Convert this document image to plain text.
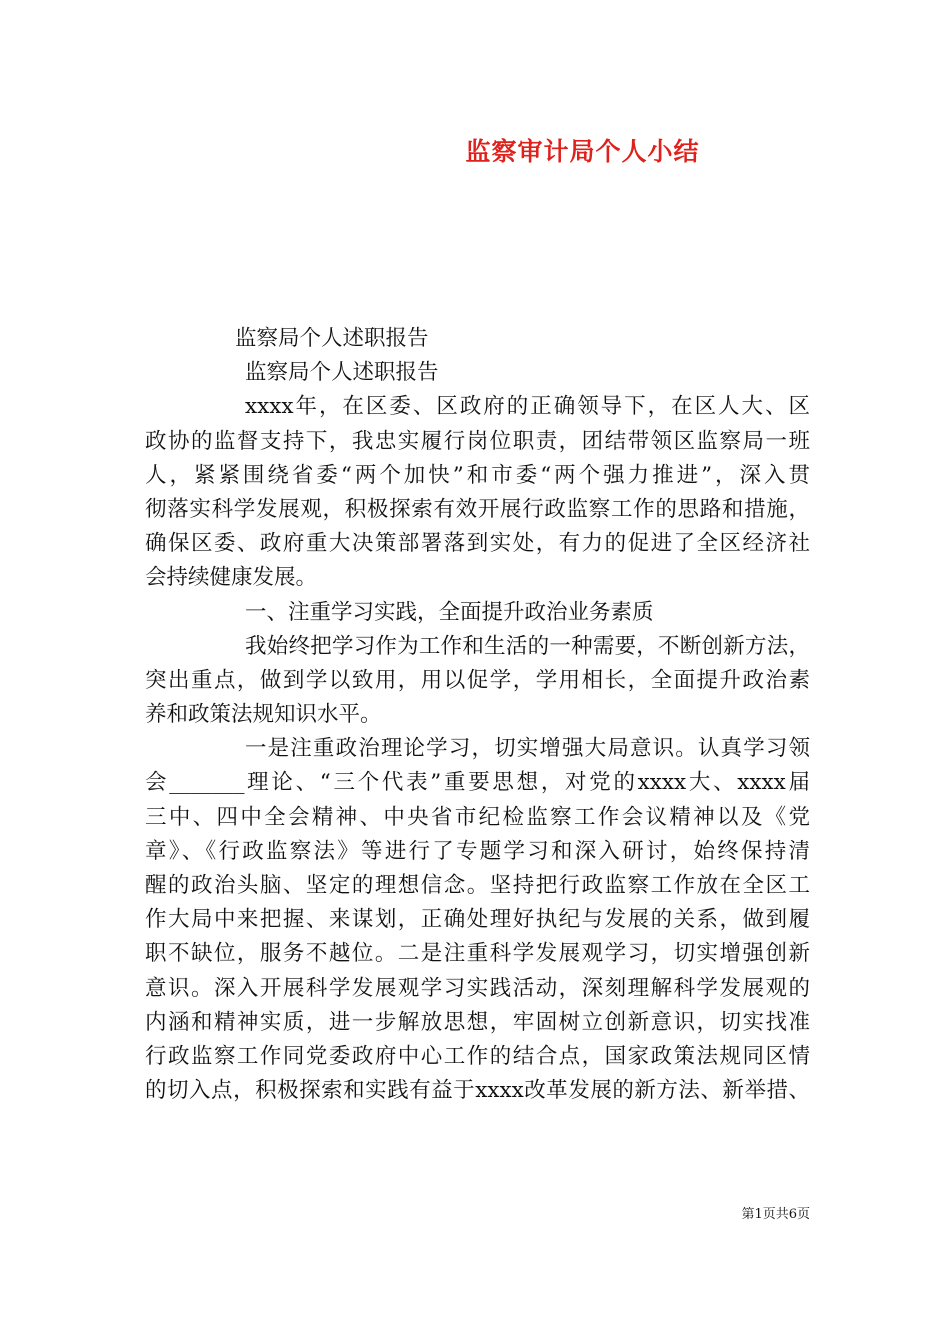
监察审计局个人小结
监察局个人述职报告
监察局个人述职报告
xxxx年，在区委、区政府的正确领导下，在区人大、区
政协的监督支持下，我忠实履行岗位职责，团结带领区监察局一班
人，紧紧围绕省委“两个加快”和市委“两个强力推进”，深入贯
彻落实科学发展观，积极探索有效开展行政监察工作的思路和措施，
确保区委、政府重大决策部署落到实处，有力的促进了全区经济社
会持续健康发展。
一、注重学习实践，全面提升政治业务素质
我始终把学习作为工作和生活的一种需要，不断创新方法，
突出重点，做到学以致用，用以促学，学用相长，全面提升政治素
养和政策法规知识水平。
一是注重政治理论学习，切实增强大局意识。认真学习领
会_______理论、“三个代表”重要思想，对党的xxxx大、xxxx届
三中、四中全会精神、中央省市纪检监察工作会议精神以及《党
章》、《行政监察法》等进行了专题学习和深入研讨，始终保持清
醒的政治头脑、坚定的理想信念。坚持把行政监察工作放在全区工
作大局中来把握、来谋划，正确处理好执纪与发展的关系，做到履
职不缺位，服务不越位。二是注重科学发展观学习，切实增强创新
意识。深入开展科学发展观学习实践活动，深刻理解科学发展观的
内涵和精神实质，进一步解放思想，牢固树立创新意识，切实找准
行政监察工作同党委政府中心工作的结合点，国家政策法规同区情
的切入点，积极探索和实践有益于xxxx改革发展的新方法、新举措、
第1页共6页
